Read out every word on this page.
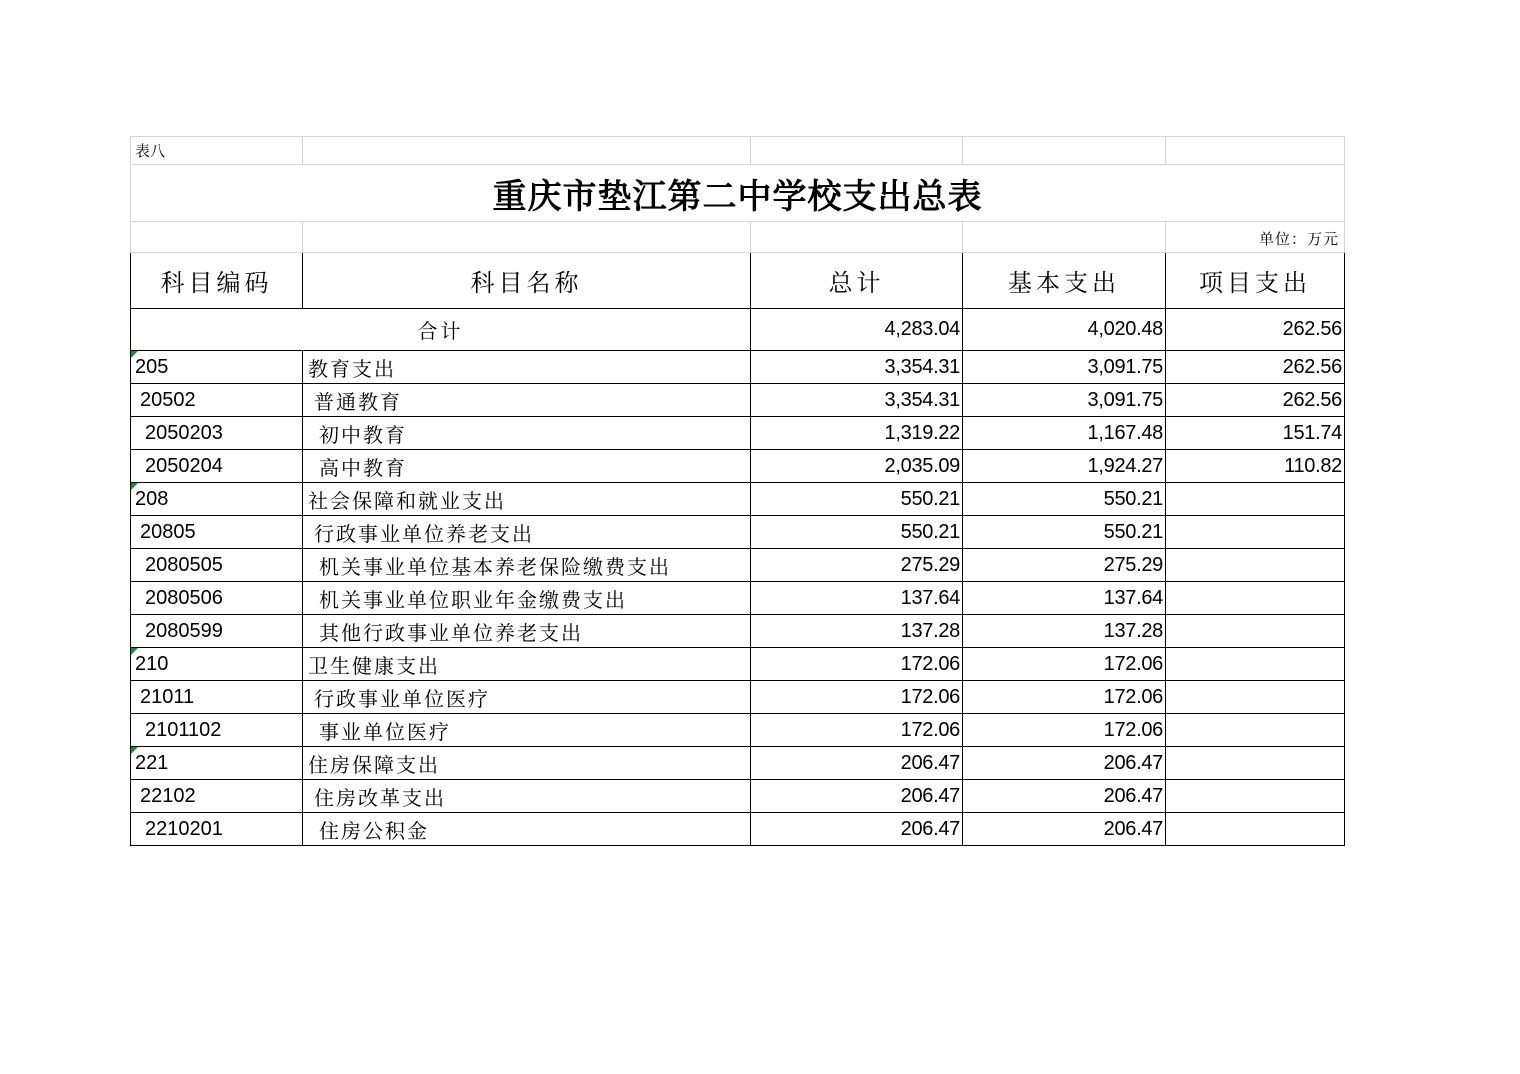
表八				
重庆市垫江第二中学校支出总表				
				单位：万元
科目编码	科目名称	总计	基本支出	项目支出
合计		4,283.04	4,020.48	262.56

205	教育支出	3,354.31	3,091.75	262.56
20502	普通教育	3,354.31	3,091.75	262.56
2050203	初中教育	1,319.22	1,167.48	151.74
2050204	高中教育	2,035.09	1,924.27	110.82

208	社会保障和就业支出	550.21	550.21	
20805	行政事业单位养老支出	550.21	550.21	
2080505	机关事业单位基本养老保险缴费支出	275.29	275.29	
2080506	机关事业单位职业年金缴费支出	137.64	137.64	
2080599	其他行政事业单位养老支出	137.28	137.28	

210	卫生健康支出	172.06	172.06	
21011	行政事业单位医疗	172.06	172.06	
2101102	事业单位医疗	172.06	172.06	

221	住房保障支出	206.47	206.47	
22102	住房改革支出	206.47	206.47	
2210201	住房公积金	206.47	206.47	
